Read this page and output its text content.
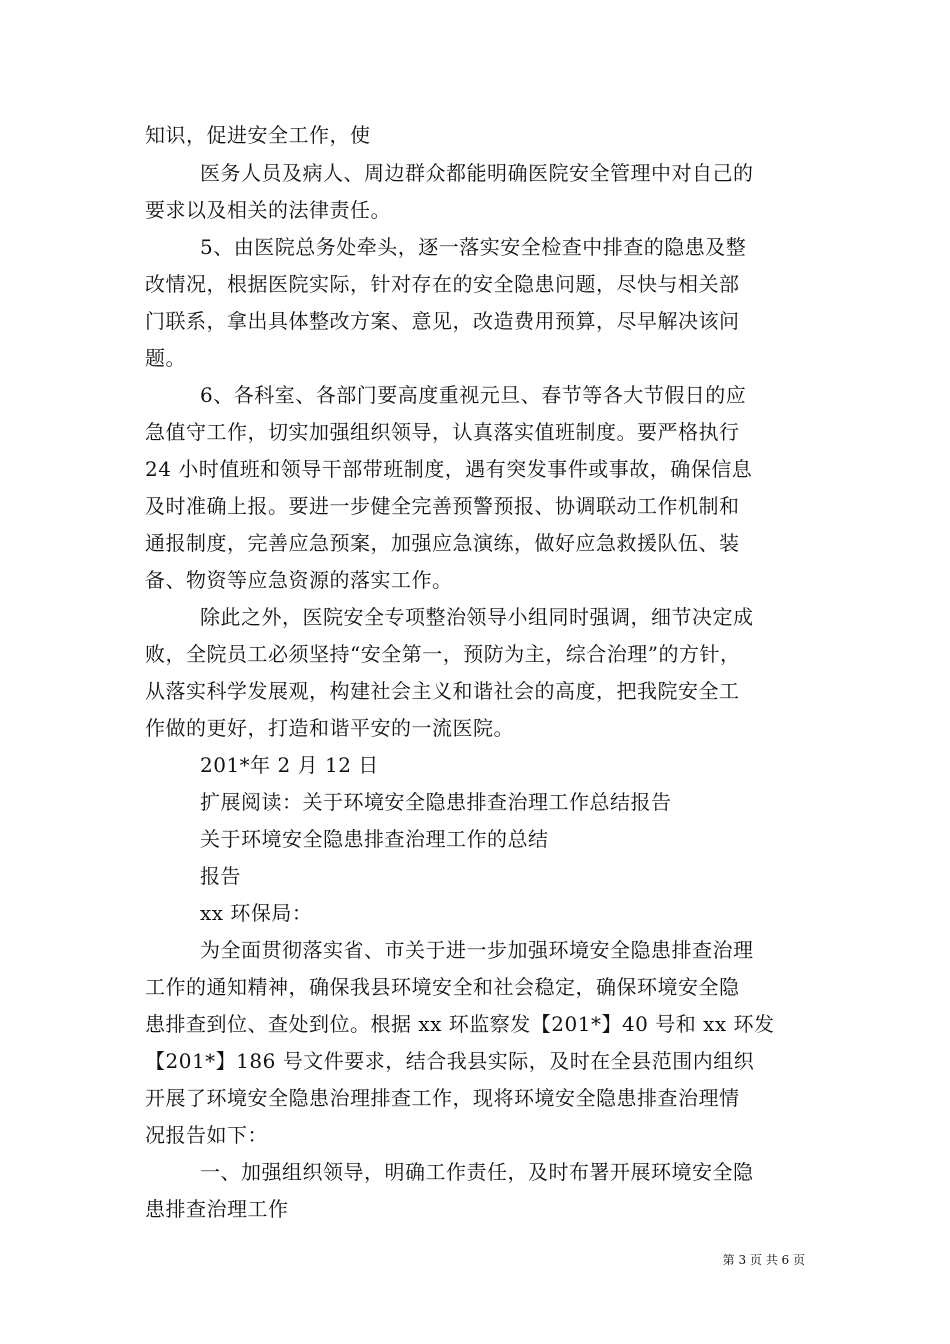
知识，促进安全工作，使
医务人员及病人、周边群众都能明确医院安全管理中对自己的
要求以及相关的法律责任。
5、由医院总务处牵头，逐一落实安全检查中排查的隐患及整
改情况，根据医院实际，针对存在的安全隐患问题，尽快与相关部
门联系，拿出具体整改方案、意见，改造费用预算，尽早解决该问
题。
6、各科室、各部门要高度重视元旦、春节等各大节假日的应
急值守工作，切实加强组织领导，认真落实值班制度。要严格执行
24 小时值班和领导干部带班制度，遇有突发事件或事故，确保信息
及时准确上报。要进一步健全完善预警预报、协调联动工作机制和
通报制度，完善应急预案，加强应急演练，做好应急救援队伍、装
备、物资等应急资源的落实工作。
除此之外，医院安全专项整治领导小组同时强调，细节决定成
败，全院员工必须坚持“安全第一，预防为主，综合治理”的方针，
从落实科学发展观，构建社会主义和谐社会的高度，把我院安全工
作做的更好，打造和谐平安的一流医院。
201*年 2 月 12 日
扩展阅读：关于环境安全隐患排查治理工作总结报告
关于环境安全隐患排查治理工作的总结
报告
xx 环保局：
为全面贯彻落实省、市关于进一步加强环境安全隐患排查治理
工作的通知精神，确保我县环境安全和社会稳定，确保环境安全隐
患排查到位、查处到位。根据 xx 环监察发【201*】40 号和 xx 环发
【201*】186 号文件要求，结合我县实际，及时在全县范围内组织
开展了环境安全隐患治理排查工作，现将环境安全隐患排查治理情
况报告如下：
一、加强组织领导，明确工作责任，及时布署开展环境安全隐
患排查治理工作
第 3 页 共 6 页
